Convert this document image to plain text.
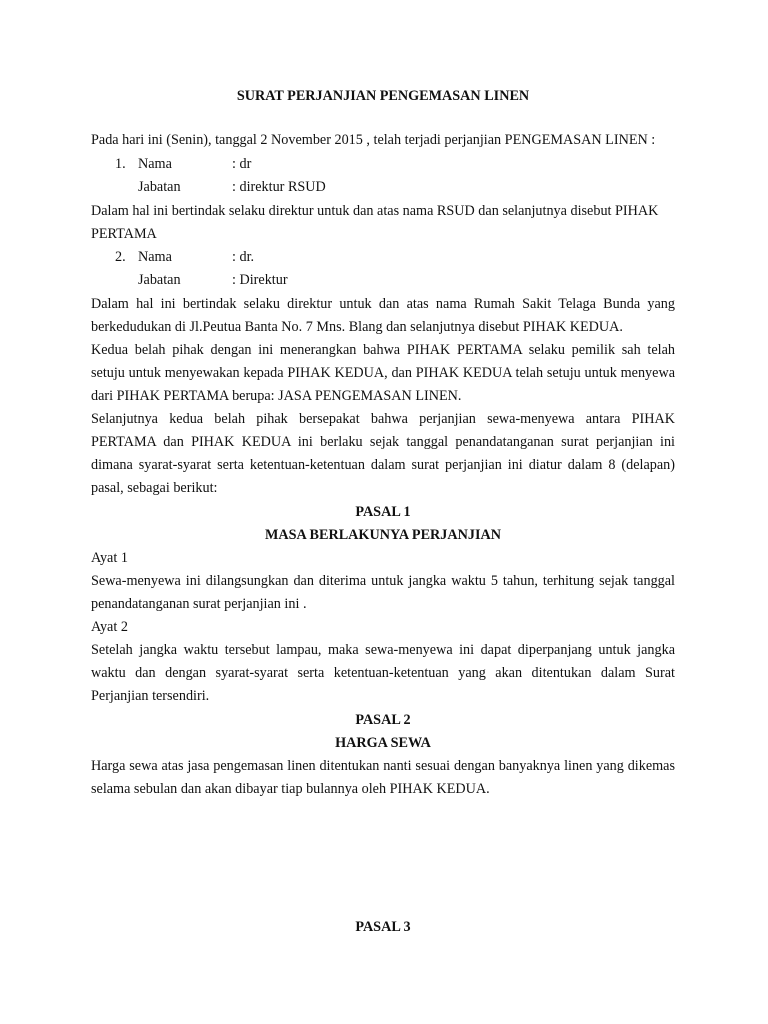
SURAT PERJANJIAN PENGEMASAN LINEN
Pada hari ini (Senin), tanggal 2 November 2015 , telah terjadi perjanjian PENGEMASAN LINEN :
1. Nama	: dr
Jabatan	: direktur RSUD
Dalam hal ini bertindak selaku direktur untuk dan atas nama RSUD dan selanjutnya disebut PIHAK
PERTAMA
2. Nama	: dr.
Jabatan	: Direktur
Dalam hal ini bertindak selaku direktur untuk dan atas nama Rumah Sakit Telaga Bunda yang
berkedudukan di Jl.Peutua Banta No. 7 Mns. Blang dan selanjutnya disebut PIHAK KEDUA.
Kedua belah pihak dengan ini menerangkan bahwa PIHAK PERTAMA selaku pemilik sah telah
setuju untuk menyewakan kepada PIHAK KEDUA, dan PIHAK KEDUA telah setuju untuk menyewa
dari PIHAK PERTAMA berupa: JASA PENGEMASAN LINEN.
Selanjutnya kedua belah pihak bersepakat bahwa perjanjian sewa-menyewa antara PIHAK
PERTAMA dan PIHAK KEDUA ini berlaku sejak tanggal penandatanganan surat perjanjian ini
dimana syarat-syarat serta ketentuan-ketentuan dalam surat perjanjian ini diatur dalam 8 (delapan)
pasal, sebagai berikut:
PASAL 1
MASA BERLAKUNYA PERJANJIAN
Ayat 1
Sewa-menyewa ini dilangsungkan dan diterima untuk jangka waktu 5 tahun, terhitung sejak tanggal
penandatanganan surat perjanjian ini .
Ayat 2
Setelah jangka waktu tersebut lampau, maka sewa-menyewa ini dapat diperpanjang untuk jangka
waktu dan dengan syarat-syarat serta ketentuan-ketentuan yang akan ditentukan dalam Surat
Perjanjian tersendiri.
PASAL 2
HARGA SEWA
Harga sewa atas jasa pengemasan linen ditentukan nanti sesuai dengan banyaknya linen yang dikemas
selama sebulan dan akan dibayar tiap bulannya oleh PIHAK KEDUA.
PASAL 3
